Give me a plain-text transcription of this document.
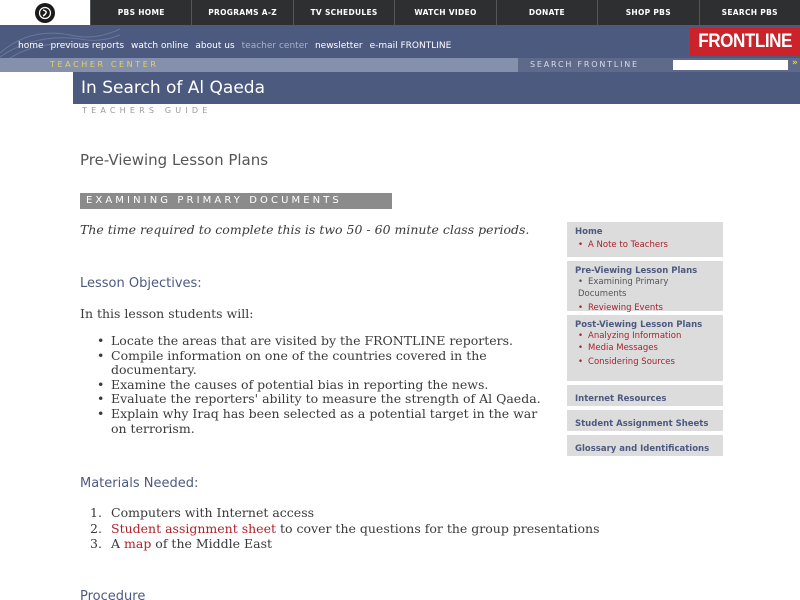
PBS HOME	PROGRAMS A-Z	TV SCHEDULES	WATCH VIDEO	DONATE	SHOP PBS	SEARCH PBS
home previous reports watch online about us teacher center newsletter e-mail FRONTLINE	FRONTLINE
TEACHER CENTER	SEARCH FRONTLINE	»
In Search of Al Qaeda
TEACHERS GUIDE
Pre-Viewing Lesson Plans
EXAMINING PRIMARY DOCUMENTS
The time required to complete this is two 50 - 60 minute class periods.
Lesson Objectives:
In this lesson students will:
• Locate the areas that are visited by the FRONTLINE reporters.
• Compile information on one of the countries covered in the documentary.
• Examine the causes of potential bias in reporting the news.
• Evaluate the reporters' ability to measure the strength of Al Qaeda.
• Explain why Iraq has been selected as a potential target in the war on terrorism.
Materials Needed:
1. Computers with Internet access
2. Student assignment sheet to cover the questions for the group presentations
3. A map of the Middle East
Procedure
Home
• A Note to Teachers
Pre-Viewing Lesson Plans
• Examining Primary Documents
• Reviewing Events
Post-Viewing Lesson Plans
• Analyzing Information
• Media Messages
• Considering Sources
Internet Resources
Student Assignment Sheets
Glossary and Identifications
